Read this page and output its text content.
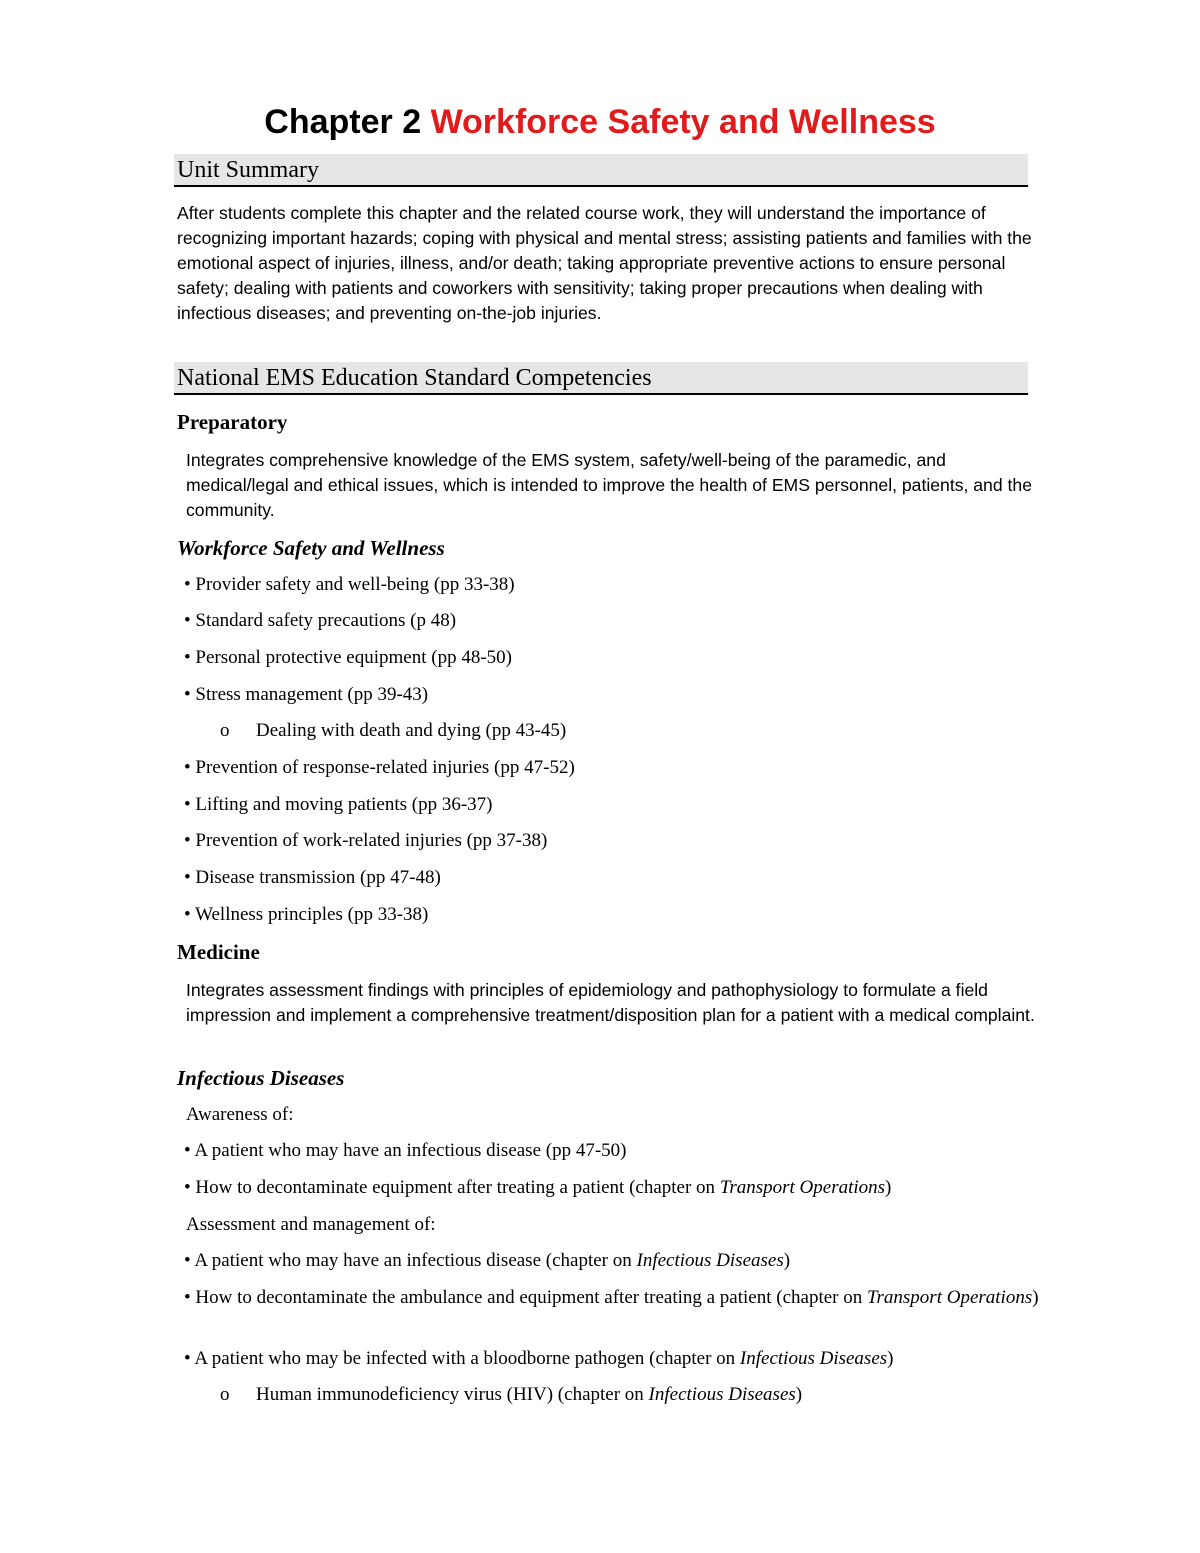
Chapter 2 Workforce Safety and Wellness
Unit Summary
After students complete this chapter and the related course work, they will understand the importance of recognizing important hazards; coping with physical and mental stress; assisting patients and families with the emotional aspect of injuries, illness, and/or death; taking appropriate preventive actions to ensure personal safety; dealing with patients and coworkers with sensitivity; taking proper precautions when dealing with infectious diseases; and preventing on-the-job injuries.
National EMS Education Standard Competencies
Preparatory
Integrates comprehensive knowledge of the EMS system, safety/well-being of the paramedic, and medical/legal and ethical issues, which is intended to improve the health of EMS personnel, patients, and the community.
Workforce Safety and Wellness
• Provider safety and well-being (pp 33-38)
• Standard safety precautions (p 48)
• Personal protective equipment (pp 48-50)
• Stress management (pp 39-43)
o Dealing with death and dying (pp 43-45)
• Prevention of response-related injuries (pp 47-52)
• Lifting and moving patients (pp 36-37)
• Prevention of work-related injuries (pp 37-38)
• Disease transmission (pp 47-48)
• Wellness principles (pp 33-38)
Medicine
Integrates assessment findings with principles of epidemiology and pathophysiology to formulate a field impression and implement a comprehensive treatment/disposition plan for a patient with a medical complaint.
Infectious Diseases
Awareness of:
• A patient who may have an infectious disease (pp 47-50)
• How to decontaminate equipment after treating a patient (chapter on Transport Operations)
Assessment and management of:
• A patient who may have an infectious disease (chapter on Infectious Diseases)
• How to decontaminate the ambulance and equipment after treating a patient (chapter on Transport Operations)
• A patient who may be infected with a bloodborne pathogen (chapter on Infectious Diseases)
o Human immunodeficiency virus (HIV) (chapter on Infectious Diseases)
